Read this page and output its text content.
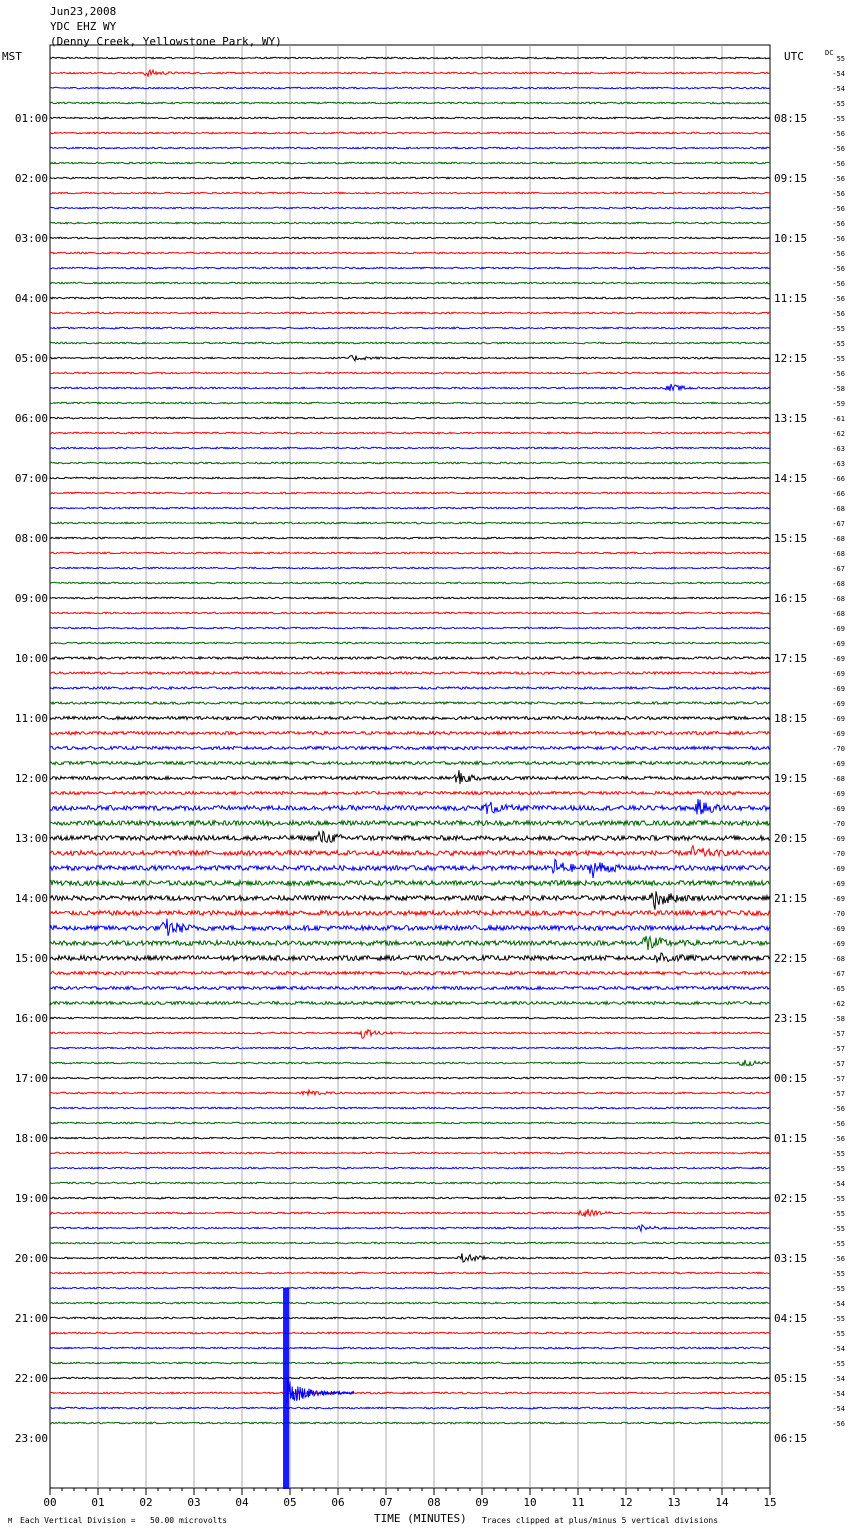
Jun23,2008
YDC EHZ WY
(Denny Creek, Yellowstone Park, WY)
MST	UTC	DC
00	01	02	03	04	05	06	07	08	09	10	11	12	13	14	15
55
-54
-54
-55
-55
-56
-56
-56
-56
-56
-56
-56
-56
-56
-56
-56
-56
-56
-55
-55
-55
-56
-58
-59
-61
-62
-63
-63
-66
-66
-68
-67
-68
-68
-67
-68
-68
-68
-69
-69
-69
-69
-69
-69
-69
-69
-70
-69
-68
-69
-69
-70
-69
-70
-69
-69
-69
-70
-69
-69
-68
-67
-65
-62
-58
-57
-57
-57
-57
-57
-56
-56
-56
-55
-55
-54
-55
-55
-55
-55
-56
-55
-55
-54
-55
-55
-54
-55
-54
-54
-54
-56
01:00
02:00
03:00
04:00
05:00
06:00
07:00
08:00
09:00
10:00
11:00
12:00
13:00
14:00
15:00
16:00
17:00
18:00
19:00
20:00
21:00
22:00
23:00
08:15
09:15
10:15
11:15
12:15
13:15
14:15
15:15
16:15
17:15
18:15
19:15
20:15
21:15
22:15
23:15
00:15
01:15
02:15
03:15
04:15
05:15
06:15
M Each Vertical Division =   50.00 microvolts	TIME (MINUTES) Traces clipped at plus/minus 5 vertical divisions
